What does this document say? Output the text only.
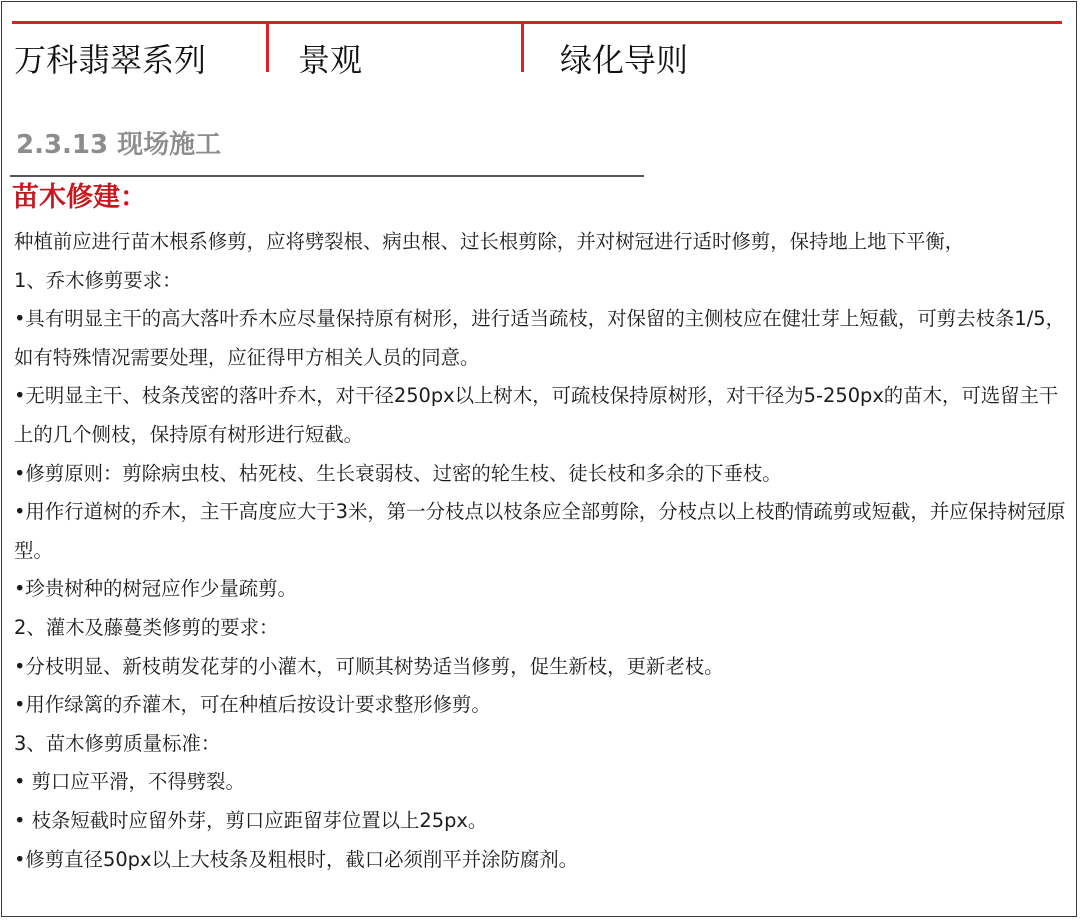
万科翡翠系列	景观	绿化导则
2.3.13 现场施工
苗木修建：
种植前应进行苗木根系修剪，应将劈裂根、病虫根、过长根剪除，并对树冠进行适时修剪，保持地上地下平衡，
1、乔木修剪要求：
•具有明显主干的高大落叶乔木应尽量保持原有树形，进行适当疏枝，对保留的主侧枝应在健壮芽上短截，可剪去枝条1/5，如有特殊情况需要处理，应征得甲方相关人员的同意。
•无明显主干、枝条茂密的落叶乔木，对干径250px以上树木，可疏枝保持原树形，对干径为5-250px的苗木，可选留主干上的几个侧枝，保持原有树形进行短截。
•修剪原则：剪除病虫枝、枯死枝、生长衰弱枝、过密的轮生枝、徒长枝和多余的下垂枝。
•用作行道树的乔木，主干高度应大于3米，第一分枝点以枝条应全部剪除，分枝点以上枝酌情疏剪或短截，并应保持树冠原型。
•珍贵树种的树冠应作少量疏剪。
2、灌木及藤蔓类修剪的要求：
•分枝明显、新枝萌发花芽的小灌木，可顺其树势适当修剪，促生新枝，更新老枝。
•用作绿篱的乔灌木，可在种植后按设计要求整形修剪。
3、苗木修剪质量标准：
• 剪口应平滑，不得劈裂。
• 枝条短截时应留外芽，剪口应距留芽位置以上25px。
•修剪直径50px以上大枝条及粗根时，截口必须削平并涂防腐剂。
